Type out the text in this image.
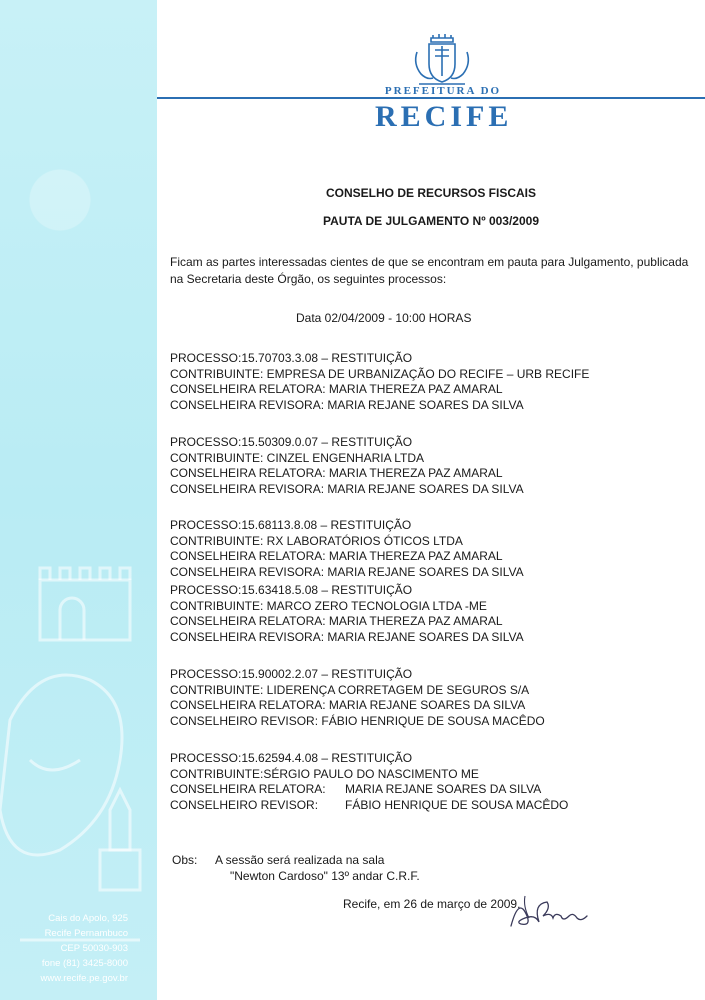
Cais do Apolo, 925
Recife Pernambuco
CEP 50030-903
fone (81) 3425-8000
www.recife.pe.gov.br
PREFEITURA DO
RECIFE
CONSELHO DE RECURSOS FISCAIS
PAUTA DE JULGAMENTO Nº 003/2009
Ficam as partes interessadas cientes de que se encontram em pauta para Julgamento, publicada na Secretaria deste Órgão, os seguintes processos:
Data 02/04/2009 - 10:00 HORAS
PROCESSO:15.70703.3.08 – RESTITUIÇÃO
CONTRIBUINTE: EMPRESA DE URBANIZAÇÃO DO RECIFE – URB RECIFE
CONSELHEIRA RELATORA: MARIA THEREZA PAZ AMARAL
CONSELHEIRA REVISORA: MARIA REJANE SOARES DA SILVA
PROCESSO:15.50309.0.07 – RESTITUIÇÃO
CONTRIBUINTE: CINZEL ENGENHARIA LTDA
CONSELHEIRA RELATORA: MARIA THEREZA PAZ AMARAL
CONSELHEIRA REVISORA: MARIA REJANE SOARES DA SILVA
PROCESSO:15.68113.8.08 – RESTITUIÇÃO
CONTRIBUINTE: RX LABORATÓRIOS ÓTICOS LTDA
CONSELHEIRA RELATORA: MARIA THEREZA PAZ AMARAL
CONSELHEIRA REVISORA: MARIA REJANE SOARES DA SILVA
PROCESSO:15.63418.5.08 – RESTITUIÇÃO
CONTRIBUINTE: MARCO ZERO TECNOLOGIA LTDA -ME
CONSELHEIRA RELATORA: MARIA THEREZA PAZ AMARAL
CONSELHEIRA REVISORA: MARIA REJANE SOARES DA SILVA
PROCESSO:15.90002.2.07 – RESTITUIÇÃO
CONTRIBUINTE: LIDERENÇA CORRETAGEM DE SEGUROS S/A
CONSELHEIRA RELATORA: MARIA REJANE SOARES DA SILVA
CONSELHEIRO REVISOR: FÁBIO HENRIQUE DE SOUSA MACÊDO
PROCESSO:15.62594.4.08 – RESTITUIÇÃO
CONTRIBUINTE:SÉRGIO PAULO DO NASCIMENTO ME
CONSELHEIRA RELATORA: MARIA REJANE SOARES DA SILVA
CONSELHEIRO REVISOR: FÁBIO HENRIQUE DE SOUSA MACÊDO
Obs: A sessão será realizada na sala
"Newton Cardoso" 13º andar C.R.F.
Recife, em 26 de março de 2009.
